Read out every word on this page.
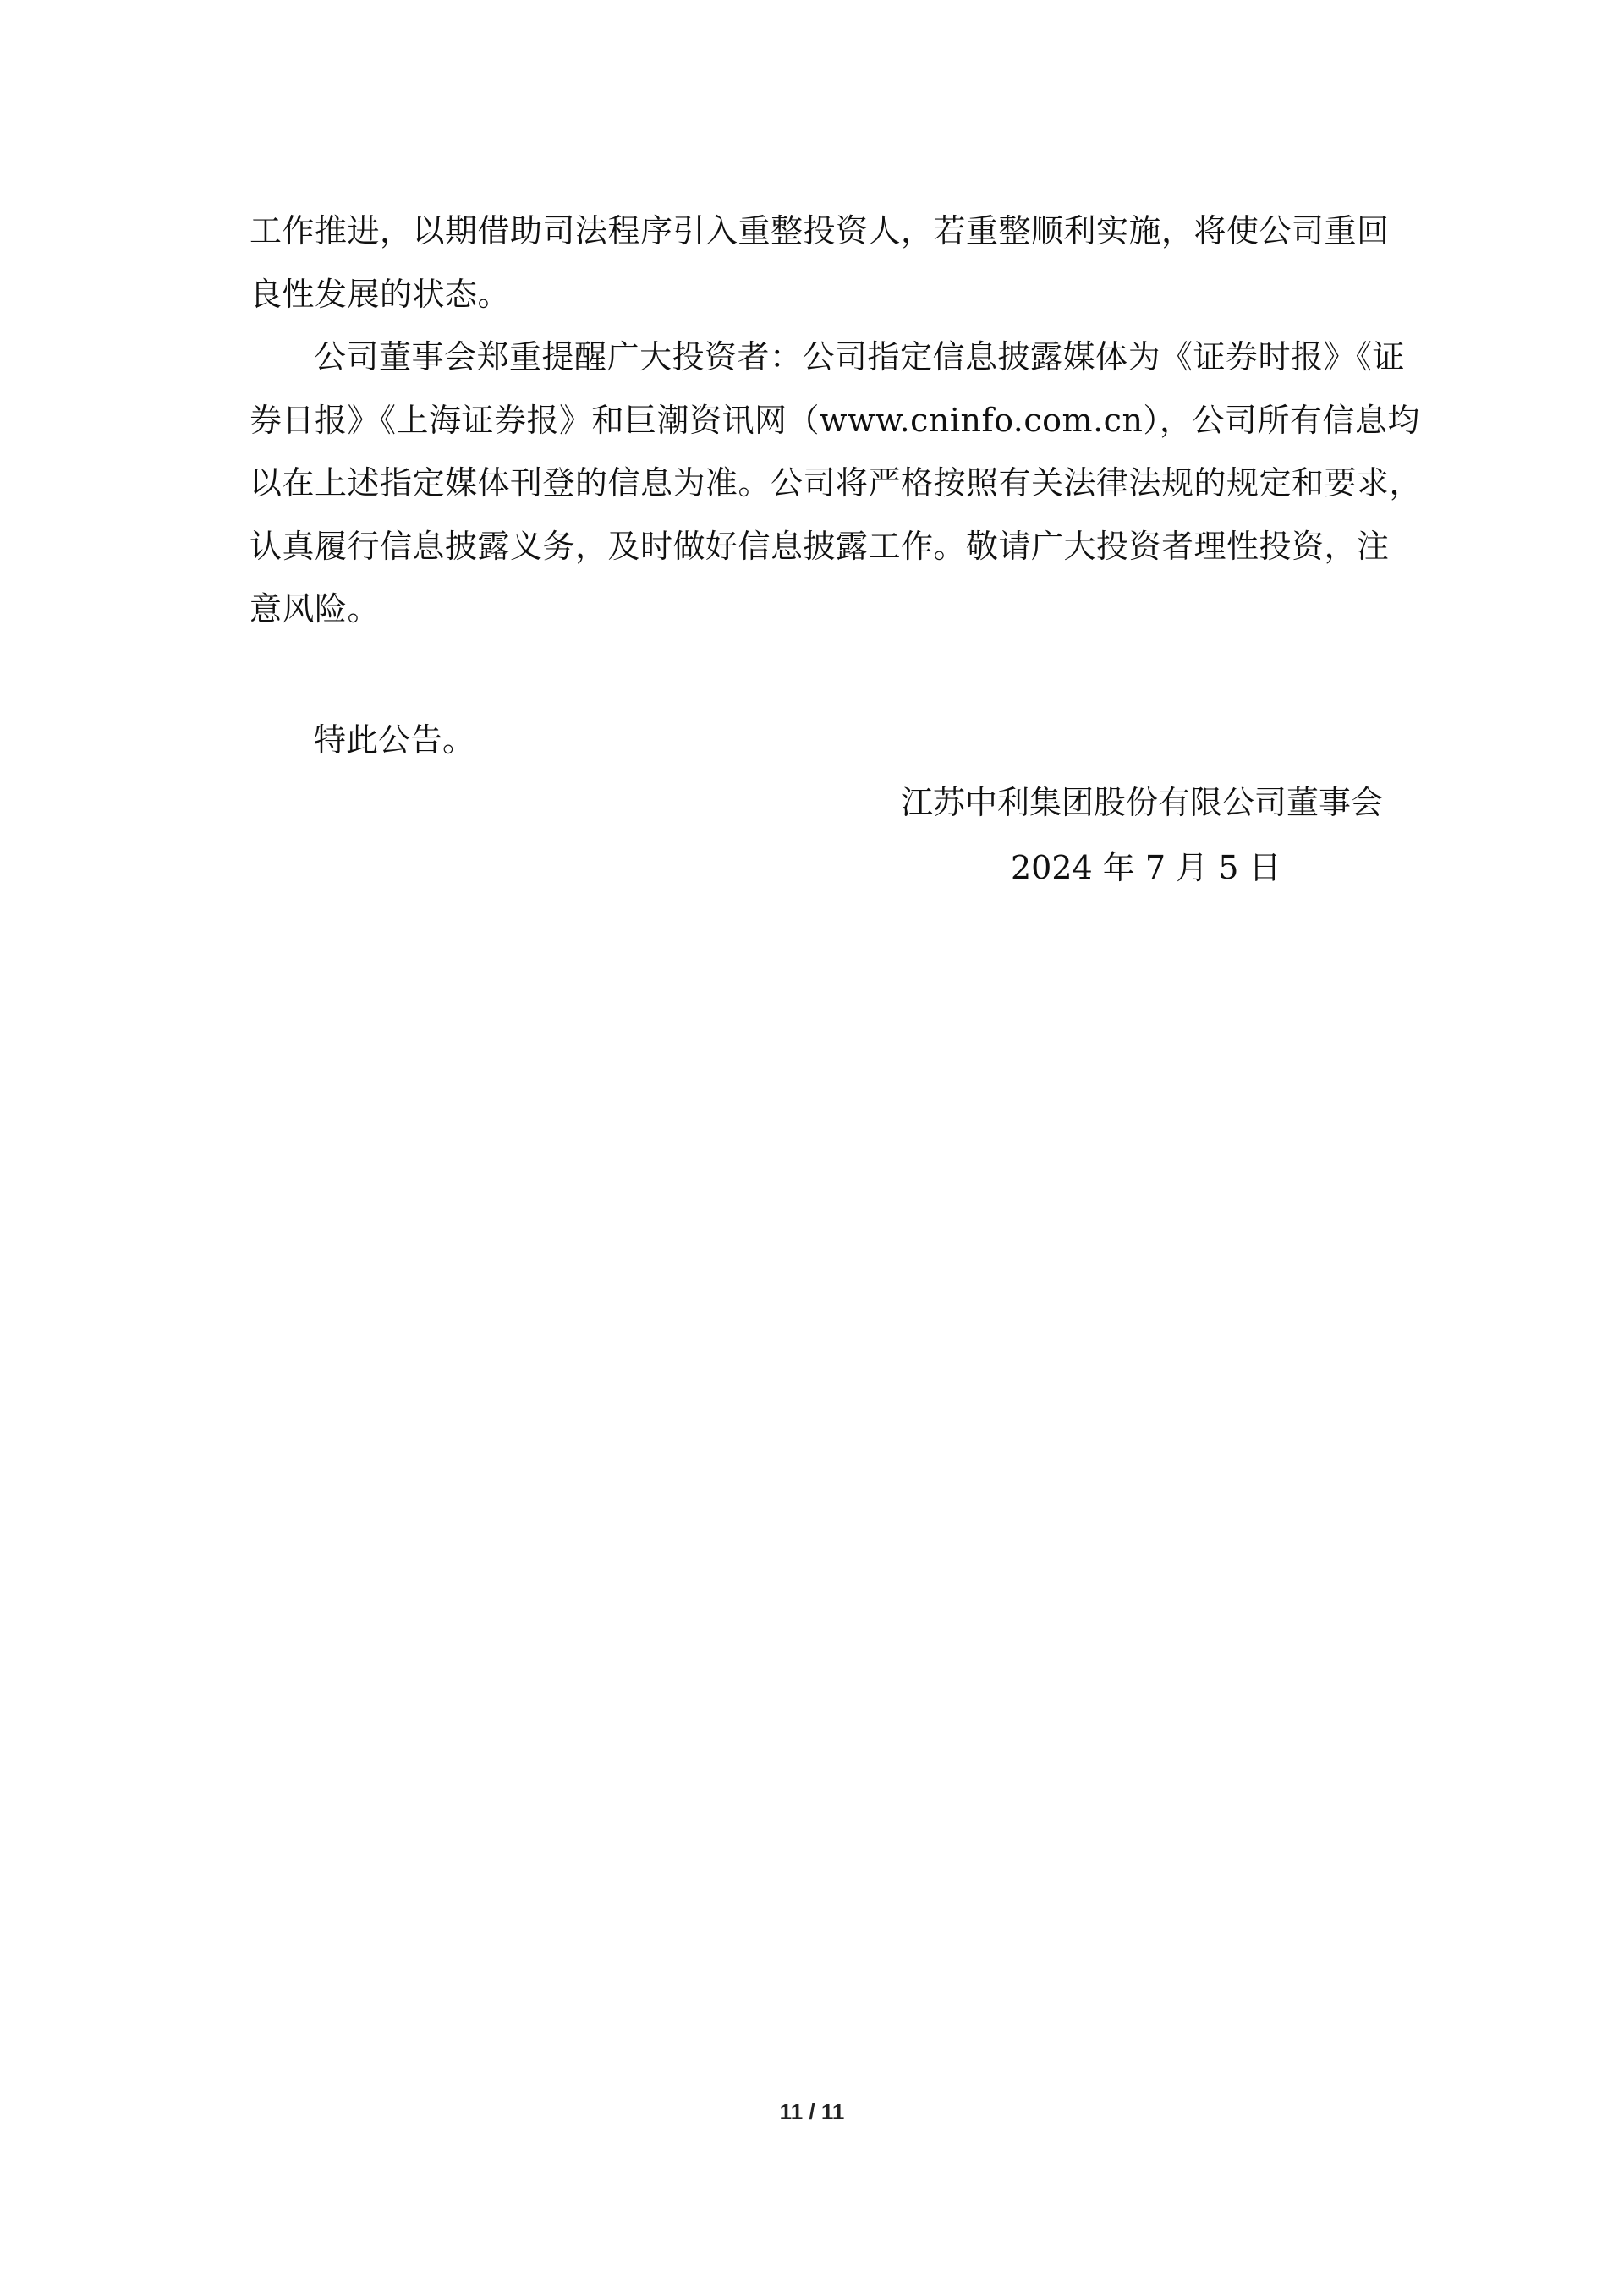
工作推进，以期借助司法程序引入重整投资人，若重整顺利实施，将使公司重回
良性发展的状态。
公司董事会郑重提醒广大投资者：公司指定信息披露媒体为《证券时报》《证
券日报》《上海证券报》和巨潮资讯网（www.cninfo.com.cn），公司所有信息均
以在上述指定媒体刊登的信息为准。公司将严格按照有关法律法规的规定和要求，
认真履行信息披露义务，及时做好信息披露工作。敬请广大投资者理性投资，注
意风险。
特此公告。
江苏中利集团股份有限公司董事会
2024 年 7 月 5 日
11 / 11
